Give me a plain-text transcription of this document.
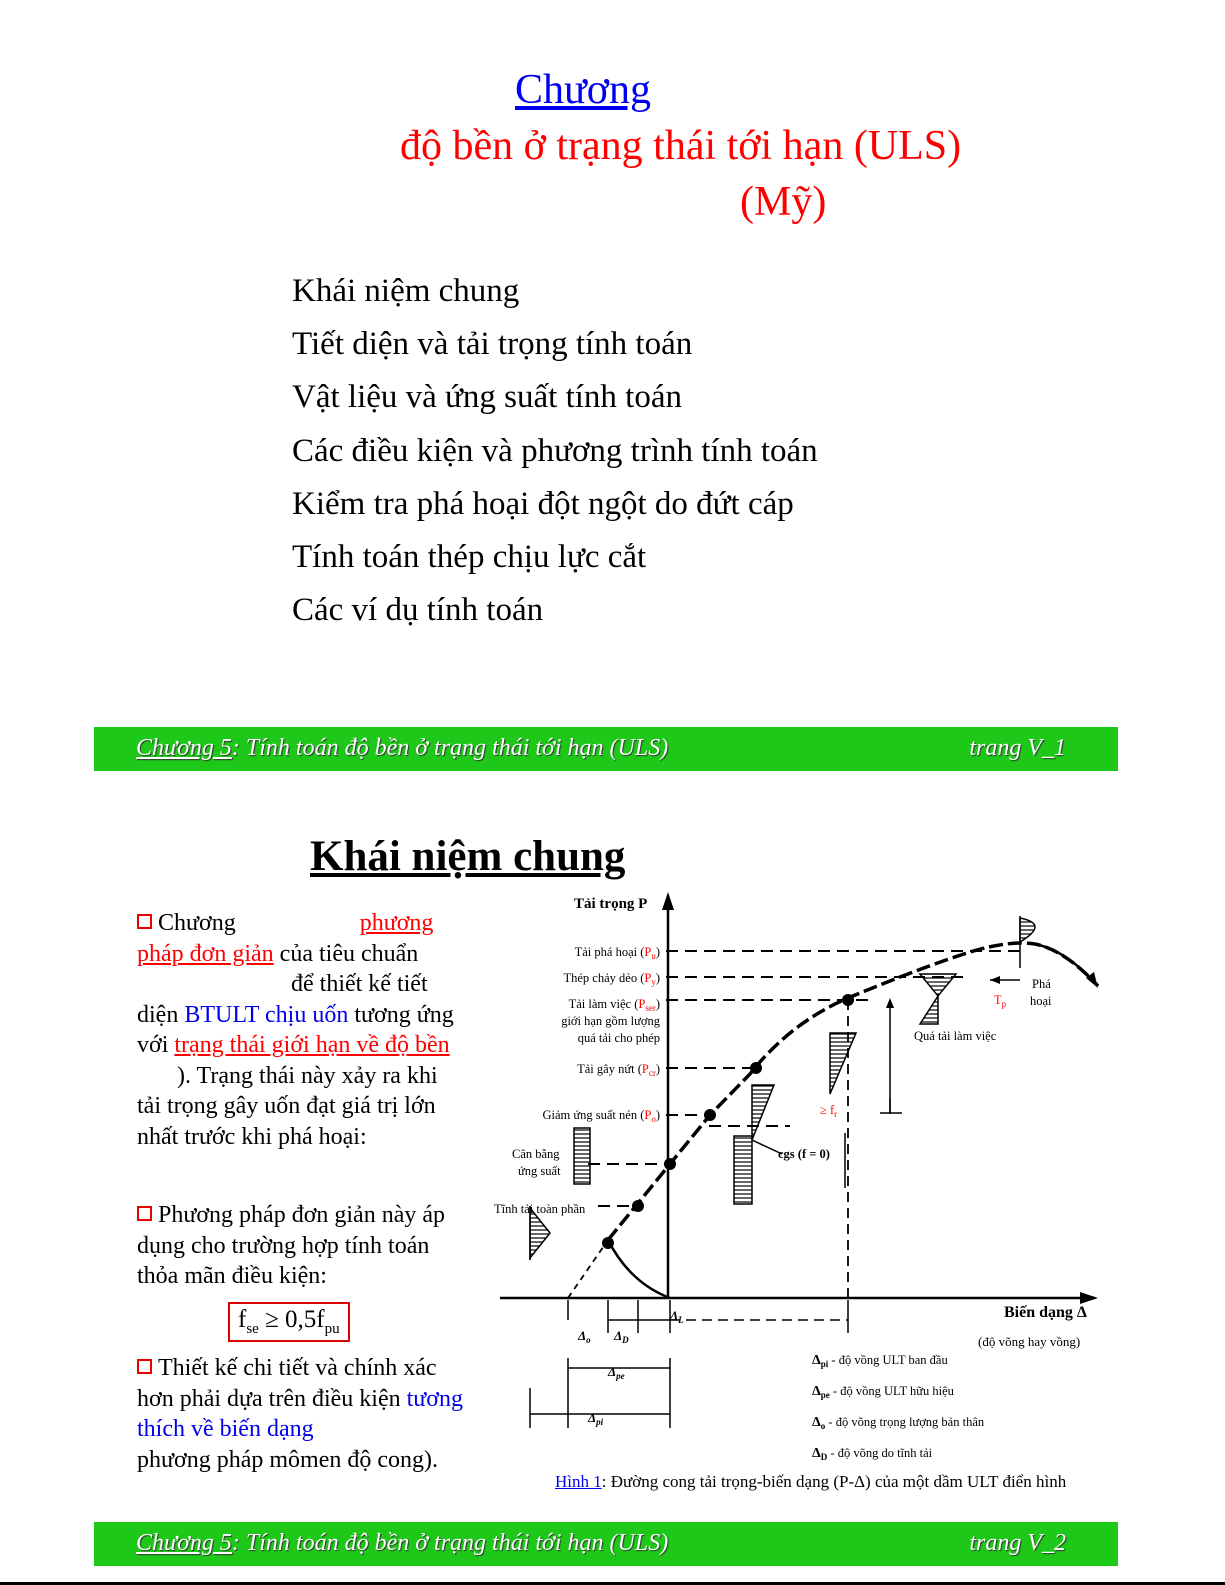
Chương
độ bền ở trạng thái tới hạn (ULS)
(Mỹ)
Khái niệm chung
Tiết diện và tải trọng tính toán
Vật liệu và ứng suất tính toán
Các điều kiện và phương trình tính toán
Kiểm tra phá hoại đột ngột do đứt cáp
Tính toán thép chịu lực cắt
Các ví dụ tính toán
Chương 5: Tính toán độ bền ở trạng thái tới hạn (ULS)	trang V_1
Khái niệm chung
Chương	phương pháp đơn giản của tiêu chuẩn
để thiết kế tiết diện BTULT chịu uốn tương ứng với trạng thái giới hạn về độ bền
). Trạng thái này xảy ra khi tải trọng gây uốn đạt giá trị lớn nhất trước khi phá hoại:
Phương pháp đơn giản này áp dụng cho trường hợp tính toán thỏa mãn điều kiện:
$f_{se} \ge 0,5f_{pu}$
Thiết kế chi tiết và chính xác hơn phải dựa trên điều kiện tương thích về biến dạng
phương pháp mômen độ cong).
Tải trọng P
Biến dạng Δ
(độ võng hay vồng)
Tải phá hoại $(P_u)$
Thép chảy dẻo $(P_y)$
Tải làm việc $(P_{ser})$
giới hạn gồm lượng
quá tải cho phép
Tải gây nứt $(P_{cr})$
Giảm ứng suất nén $(P_o)$
Cân bằng
ứng suất
Tĩnh tải toàn phần
cgs (f = 0)
≥ $f_r$
$T_p$
Phá
hoại
Quá tải làm việc
$\Delta_o$ $\Delta_D$
$\Delta_L$
$\Delta_{pe}$
$\Delta_{pi}$
$\Delta_{pi}$ - độ vồng ULT ban đầu
$\Delta_{pe}$ - độ vồng ULT hữu hiệu
$\Delta_o$ - độ võng trọng lượng bản thân
$\Delta_D$ - độ võng do tĩnh tải
Hình 1: Đường cong tải trọng-biến dạng (P-Δ) của một dầm ULT điển hình
Chương 5: Tính toán độ bền ở trạng thái tới hạn (ULS)	trang V_2
